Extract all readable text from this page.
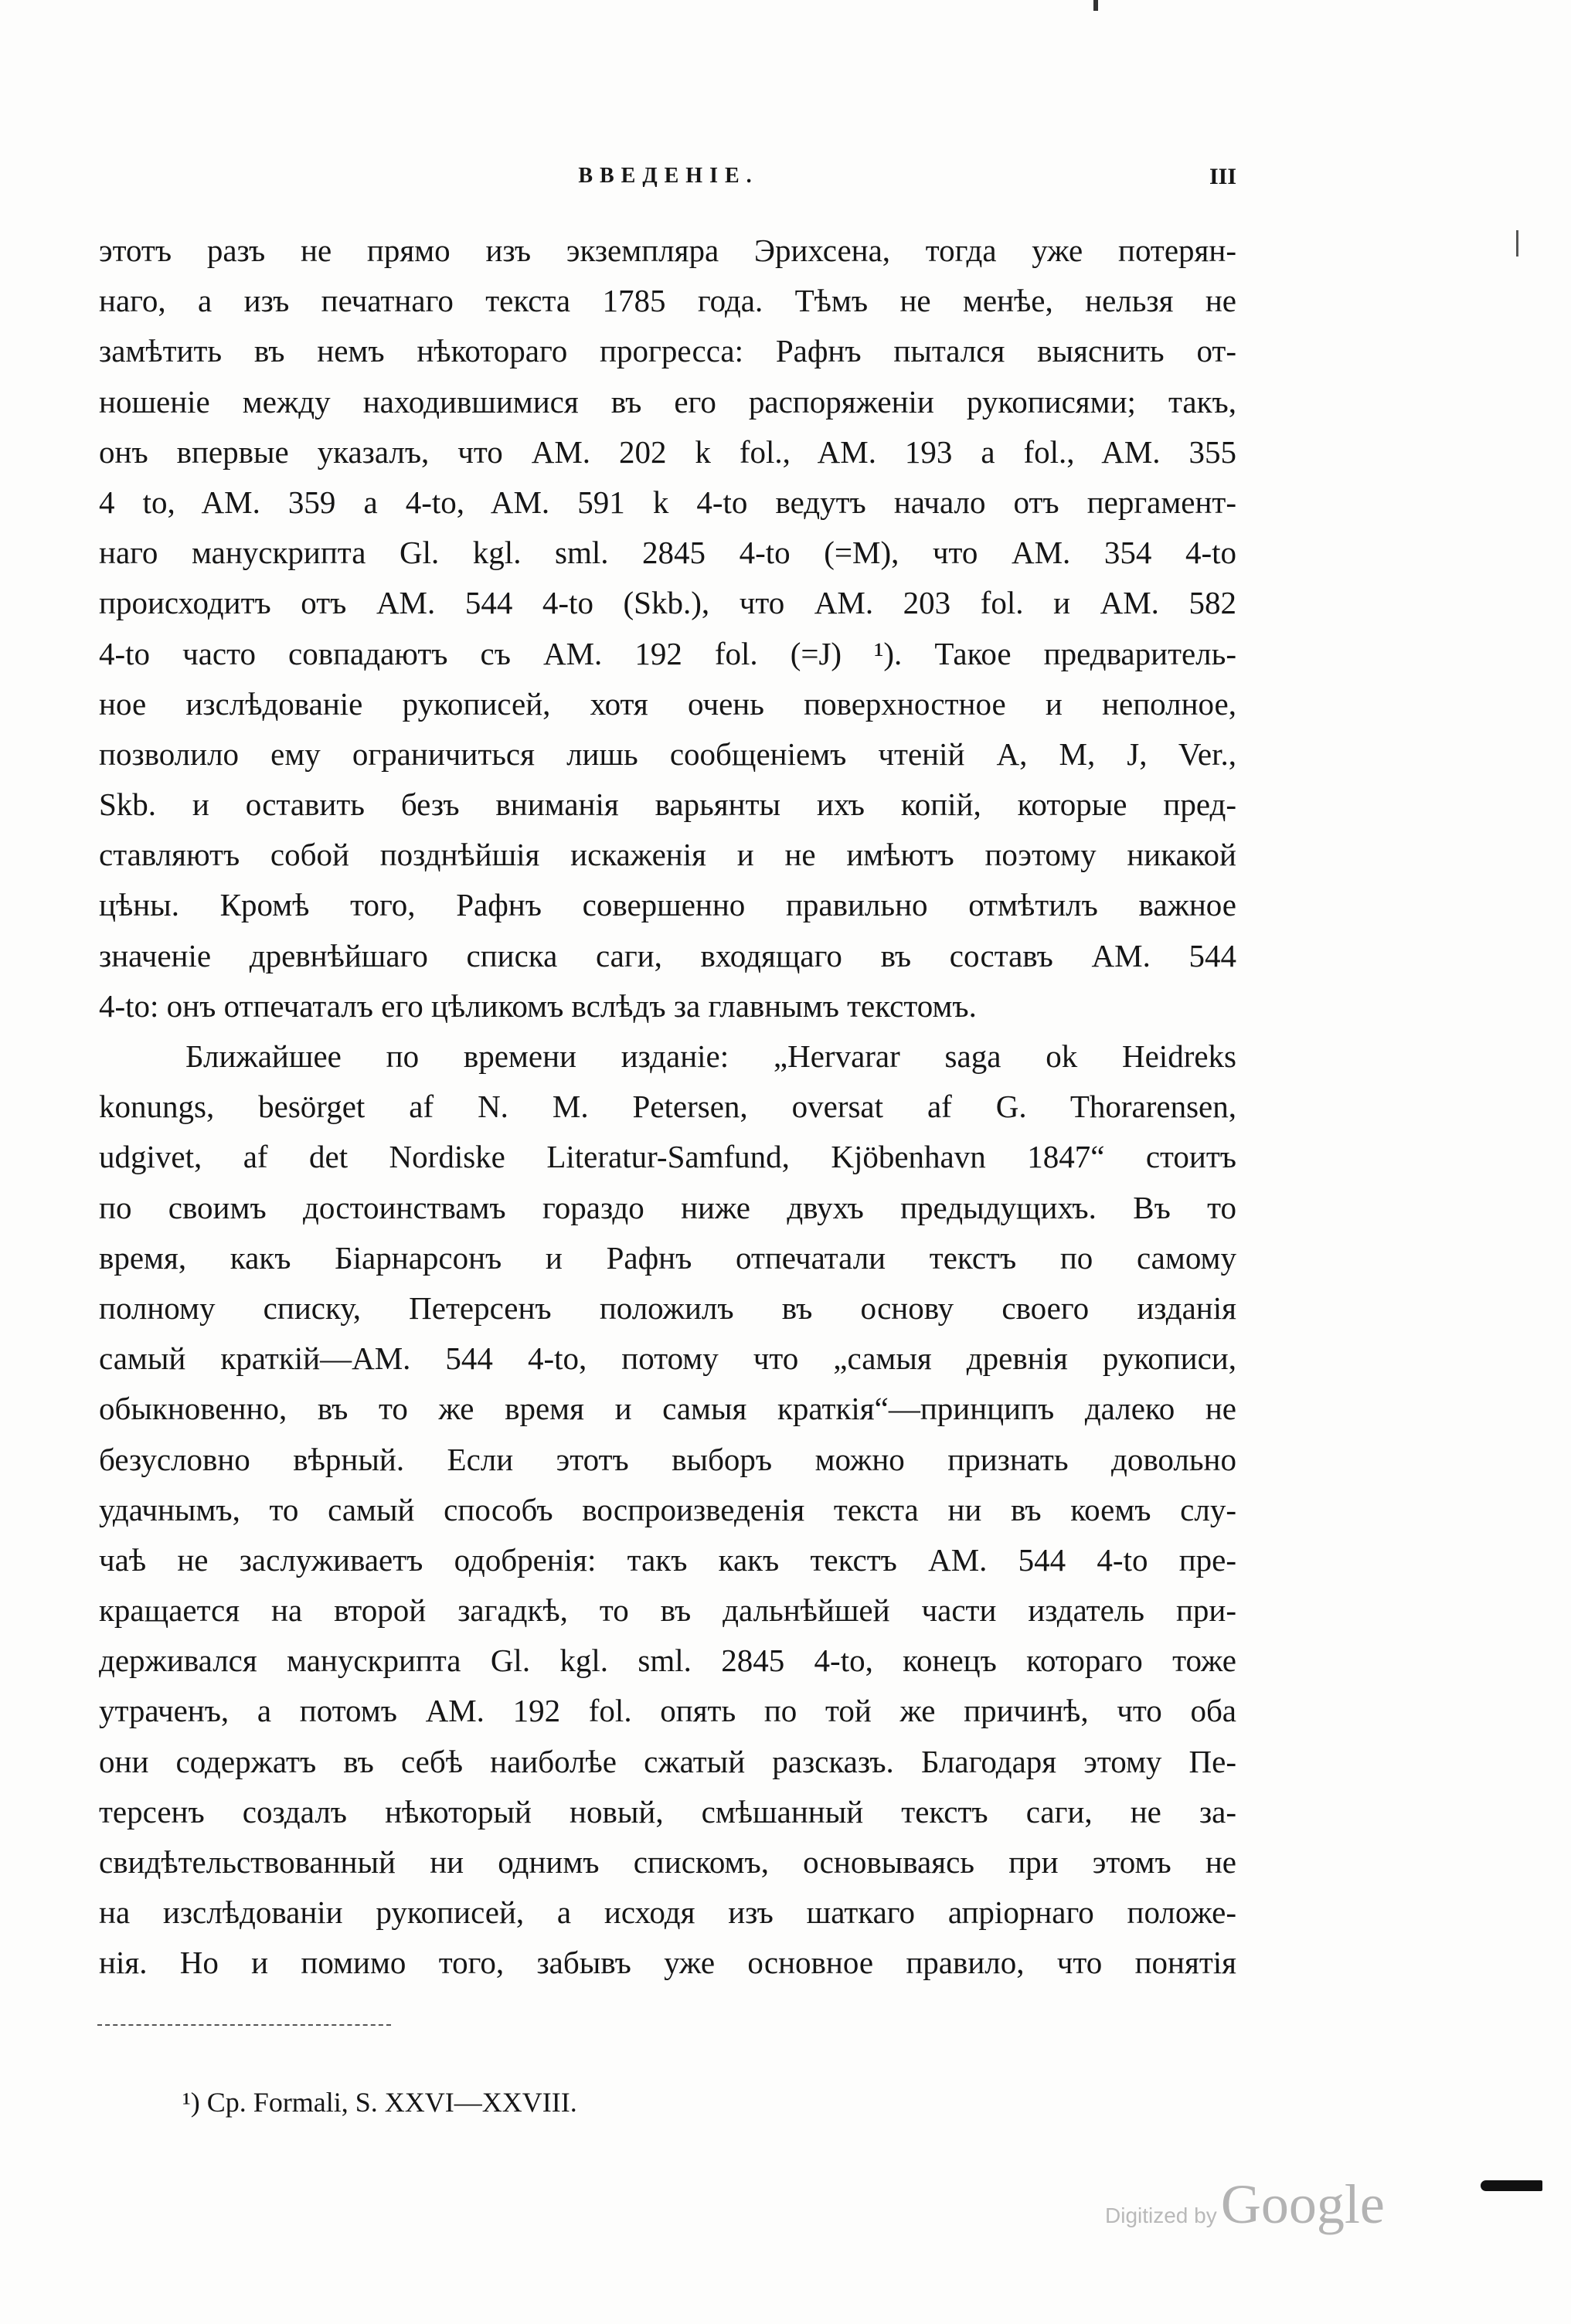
ВВЕДЕНІЕ.	III
этотъ разъ не прямо изъ экземпляра Эрихсена, тогда уже потерян-
наго, а изъ печатнаго текста 1785 года. Тѣмъ не менѣе, нельзя не
замѣтить въ немъ нѣкотораго прогресса: Рафнъ пытался выяснить от-
ношеніе между находившимися въ его распоряженіи рукописями; такъ,
онъ впервые указалъ, что AM. 202 k fol., AM. 193 a fol., AM. 355
4 to, AM. 359 a 4-to, AM. 591 k 4-to ведутъ начало отъ пергамент-
наго манускрипта Gl. kgl. sml. 2845 4-to (=M), что AM. 354 4-to
происходитъ отъ AM. 544 4-to (Skb.), что AM. 203 fol. и AM. 582
4-to часто совпадаютъ съ AM. 192 fol. (=J) ¹). Такое предваритель-
ное изслѣдованіе рукописей, хотя очень поверхностное и неполное,
позволило ему ограничиться лишь сообщеніемъ чтеній A, M, J, Ver.,
Skb. и оставить безъ вниманія варьянты ихъ копій, которые пред-
ставляютъ собой позднѣйшія искаженія и не имѣютъ поэтому никакой
цѣны. Кромѣ того, Рафнъ совершенно правильно отмѣтилъ важное
значеніе древнѣйшаго списка саги, входящаго въ составъ AM. 544
4-to: онъ отпечаталъ его цѣликомъ вслѣдъ за главнымъ текстомъ.
Ближайшее по времени изданіе: „Hervarar saga ok Heidreks
konungs, besörget af N. M. Petersen, oversat af G. Thorarensen,
udgivet, af det Nordiske Literatur-Samfund, Kjöbenhavn 1847“ стоитъ
по своимъ достоинствамъ гораздо ниже двухъ предыдущихъ. Въ то
время, какъ Біарнарсонъ и Рафнъ отпечатали текстъ по самому
полному списку, Петерсенъ положилъ въ основу своего изданія
самый краткій—AM. 544 4-to, потому что „самыя древнія рукописи,
обыкновенно, въ то же время и самыя краткія“—принципъ далеко не
безусловно вѣрный. Если этотъ выборъ можно признать довольно
удачнымъ, то самый способъ воспроизведенія текста ни въ коемъ слу-
чаѣ не заслуживаетъ одобренія: такъ какъ текстъ AM. 544 4-to пре-
кращается на второй загадкѣ, то въ дальнѣйшей части издатель при-
держивался манускрипта Gl. kgl. sml. 2845 4-to, конецъ котораго тоже
утраченъ, а потомъ AM. 192 fol. опять по той же причинѣ, что оба
они содержатъ въ себѣ наиболѣе сжатый разсказъ. Благодаря этому Пе-
терсенъ создалъ нѣкоторый новый, смѣшанный текстъ саги, не за-
свидѣтельствованный ни однимъ спискомъ, основываясь при этомъ не
на изслѣдованіи рукописей, а исходя изъ шаткаго апріорнаго положе-
нія. Но и помимо того, забывъ уже основное правило, что понятія
¹) Ср. Formali, S. XXVI—XXVIII.
Digitized by Google
